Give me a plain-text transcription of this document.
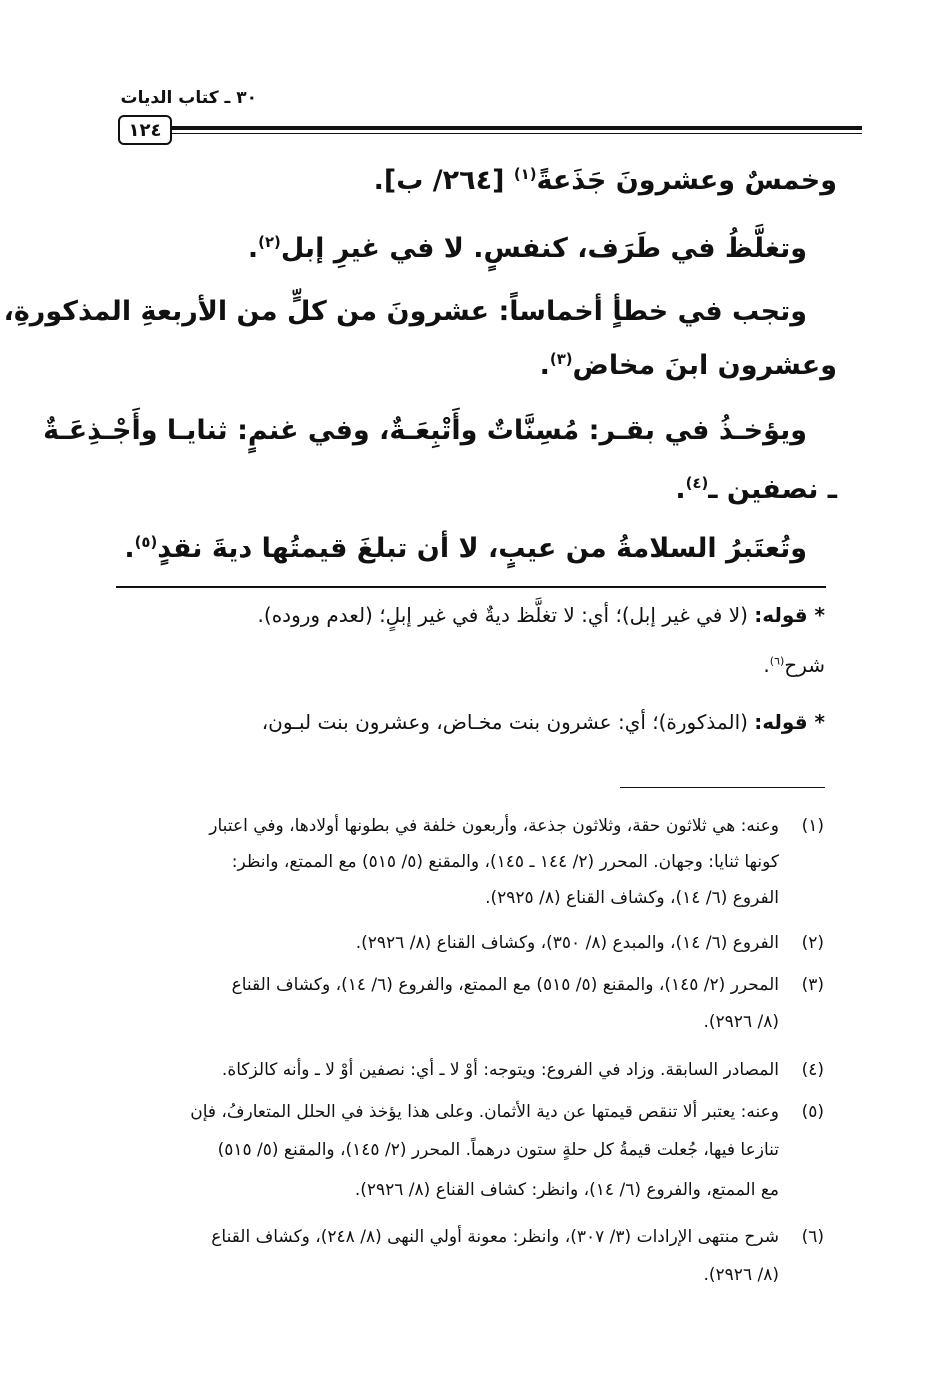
٣٠ ـ كتاب الديات
١٢٤
وخمسٌ وعشرونَ جَذَعةً$^{(١)}$ [٢٦٤/ ب].
وتغلَّظُ في طَرَف، كنفسٍ. لا في غيرِ إبل$^{(٢)}$.
وتجب في خطأٍ أخماساً: عشرونَ من كلٍّ من الأربعةِ المذكورةِ،
وعشرون ابنَ مخاض$^{(٣)}$.
ويؤخـذُ في بقـر: مُسِنَّاتٌ وأَتْبِعَـةٌ، وفي غنمٍ: ثنايـا وأَجْـذِعَـةٌ
ـ نصفين ـ$^{(٤)}$.
وتُعتَبرُ السلامةُ من عيبٍ، لا أن تبلغَ قيمتُها ديةَ نقدٍ$^{(٥)}$.
* قوله: (لا في غير إبل)؛ أي: لا تغلَّظ ديةٌ في غير إبلٍ؛ (لعدم وروده).
شرح$^{(٦)}$.
* قوله: (المذكورة)؛ أي: عشرون بنت مخـاض، وعشرون بنت لبـون،
(١)
وعنه: هي ثلاثون حقة، وثلاثون جذعة، وأربعون خلفة في بطونها أولادها، وفي اعتبار
كونها ثنايا: وجهان. المحرر (٢/ ١٤٤ ـ ١٤٥)، والمقنع (٥/ ٥١٥) مع الممتع، وانظر:
الفروع (٦/ ١٤)، وكشاف القناع (٨/ ٢٩٢٥).
(٢)
الفروع (٦/ ١٤)، والمبدع (٨/ ٣٥٠)، وكشاف القناع (٨/ ٢٩٢٦).
(٣)
المحرر (٢/ ١٤٥)، والمقنع (٥/ ٥١٥) مع الممتع، والفروع (٦/ ١٤)، وكشاف القناع
(٨/ ٢٩٢٦).
(٤)
المصادر السابقة. وزاد في الفروع: ويتوجه: أوْ لا ـ أي: نصفين أوْ لا ـ وأنه كالزكاة.
(٥)
وعنه: يعتبر ألا تنقص قيمتها عن دية الأثمان. وعلى هذا يؤخذ في الحلل المتعارفُ، فإن
تنازعا فيها، جُعلت قيمةُ كل حلةٍ ستون درهماً. المحرر (٢/ ١٤٥)، والمقنع (٥/ ٥١٥)
مع الممتع، والفروع (٦/ ١٤)، وانظر: كشاف القناع (٨/ ٢٩٢٦).
(٦)
شرح منتهى الإرادات (٣/ ٣٠٧)، وانظر: معونة أولي النهى (٨/ ٢٤٨)، وكشاف القناع
(٨/ ٢٩٢٦).
